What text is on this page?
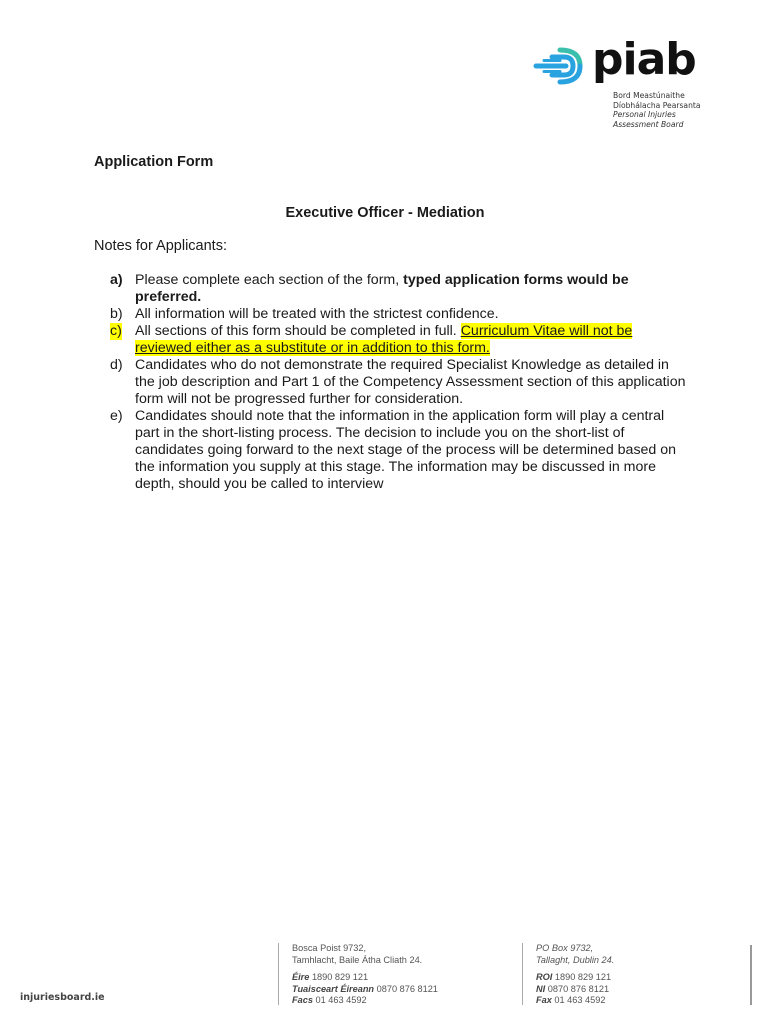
piab
Bord Meastúnaithe
Díobhálacha Pearsanta
Personal Injuries
Assessment Board
Application Form
Executive Officer - Mediation
Notes for Applicants:
a) Please complete each section of the form, typed application forms would be preferred.
b) All information will be treated with the strictest confidence.
c) All sections of this form should be completed in full. Curriculum Vitae will not be reviewed either as a substitute or in addition to this form.
d) Candidates who do not demonstrate the required Specialist Knowledge as detailed in the job description and Part 1 of the Competency Assessment section of this application form will not be progressed further for consideration.
e) Candidates should note that the information in the application form will play a central part in the short-listing process. The decision to include you on the short-list of candidates going forward to the next stage of the process will be determined based on the information you supply at this stage. The information may be discussed in more depth, should you be called to interview
injuriesboard.ie
Bosca Poist 9732,
Tamhlacht, Baile Átha Cliath 24.
Éire 1890 829 121
Tuaisceart Éireann 0870 876 8121
Facs 01 463 4592
PO Box 9732,
Tallaght, Dublin 24.
ROI 1890 829 121
NI 0870 876 8121
Fax 01 463 4592
